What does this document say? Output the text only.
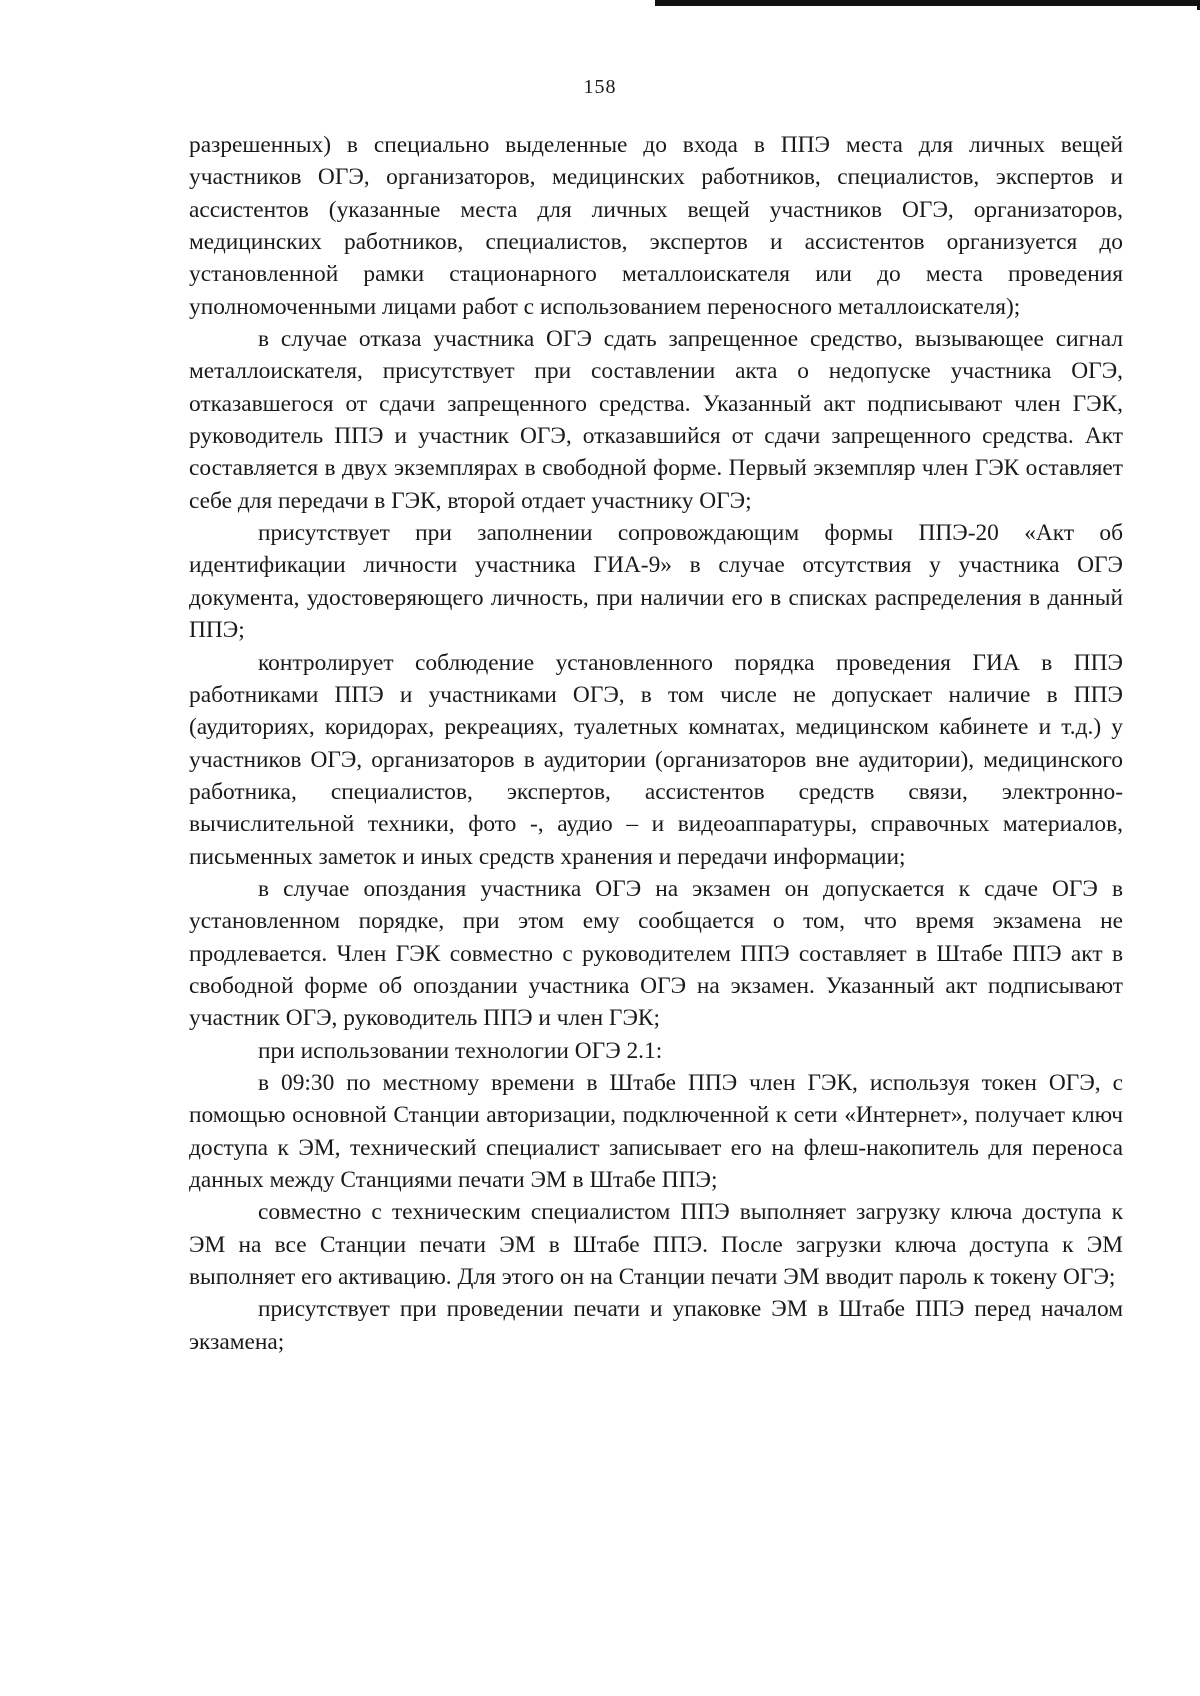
158

разрешенных) в специально выделенные до входа в ППЭ места для личных вещей участников ОГЭ, организаторов, медицинских работников, специалистов, экспертов и ассистентов (указанные места для личных вещей участников ОГЭ, организаторов, медицинских работников, специалистов, экспертов и ассистентов организуется до установленной рамки стационарного металлоискателя или до места проведения уполномоченными лицами работ с использованием переносного металлоискателя);

в случае отказа участника ОГЭ сдать запрещенное средство, вызывающее сигнал металлоискателя, присутствует при составлении акта о недопуске участника ОГЭ, отказавшегося от сдачи запрещенного средства. Указанный акт подписывают член ГЭК, руководитель ППЭ и участник ОГЭ, отказавшийся от сдачи запрещенного средства. Акт составляется в двух экземплярах в свободной форме. Первый экземпляр член ГЭК оставляет себе для передачи в ГЭК, второй отдает участнику ОГЭ;

присутствует при заполнении сопровождающим формы ППЭ-20 «Акт об идентификации личности участника ГИА-9» в случае отсутствия у участника ОГЭ документа, удостоверяющего личность, при наличии его в списках распределения в данный ППЭ;

контролирует соблюдение установленного порядка проведения ГИА в ППЭ работниками ППЭ и участниками ОГЭ, в том числе не допускает наличие в ППЭ (аудиториях, коридорах, рекреациях, туалетных комнатах, медицинском кабинете и т.д.) у участников ОГЭ, организаторов в аудитории (организаторов вне аудитории), медицинского работника, специалистов, экспертов, ассистентов средств связи, электронно- вычислительной техники, фото -, аудио – и видеоаппаратуры, справочных материалов, письменных заметок и иных средств хранения и передачи информации;

в случае опоздания участника ОГЭ на экзамен он допускается к сдаче ОГЭ в установленном порядке, при этом ему сообщается о том, что время экзамена не продлевается. Член ГЭК совместно с руководителем ППЭ составляет в Штабе ППЭ акт в свободной форме об опоздании участника ОГЭ на экзамен. Указанный акт подписывают участник ОГЭ, руководитель ППЭ и член ГЭК;

при использовании технологии ОГЭ 2.1:

в 09:30 по местному времени в Штабе ППЭ член ГЭК, используя токен ОГЭ, с помощью основной Станции авторизации, подключенной к сети «Интернет», получает ключ доступа к ЭМ, технический специалист записывает его на флеш-накопитель для переноса данных между Станциями печати ЭМ в Штабе ППЭ;

совместно с техническим специалистом ППЭ выполняет загрузку ключа доступа к ЭМ на все Станции печати ЭМ в Штабе ППЭ. После загрузки ключа доступа к ЭМ выполняет его активацию. Для этого он на Станции печати ЭМ вводит пароль к токену ОГЭ;

присутствует при проведении печати и упаковке ЭМ в Штабе ППЭ перед началом экзамена;
